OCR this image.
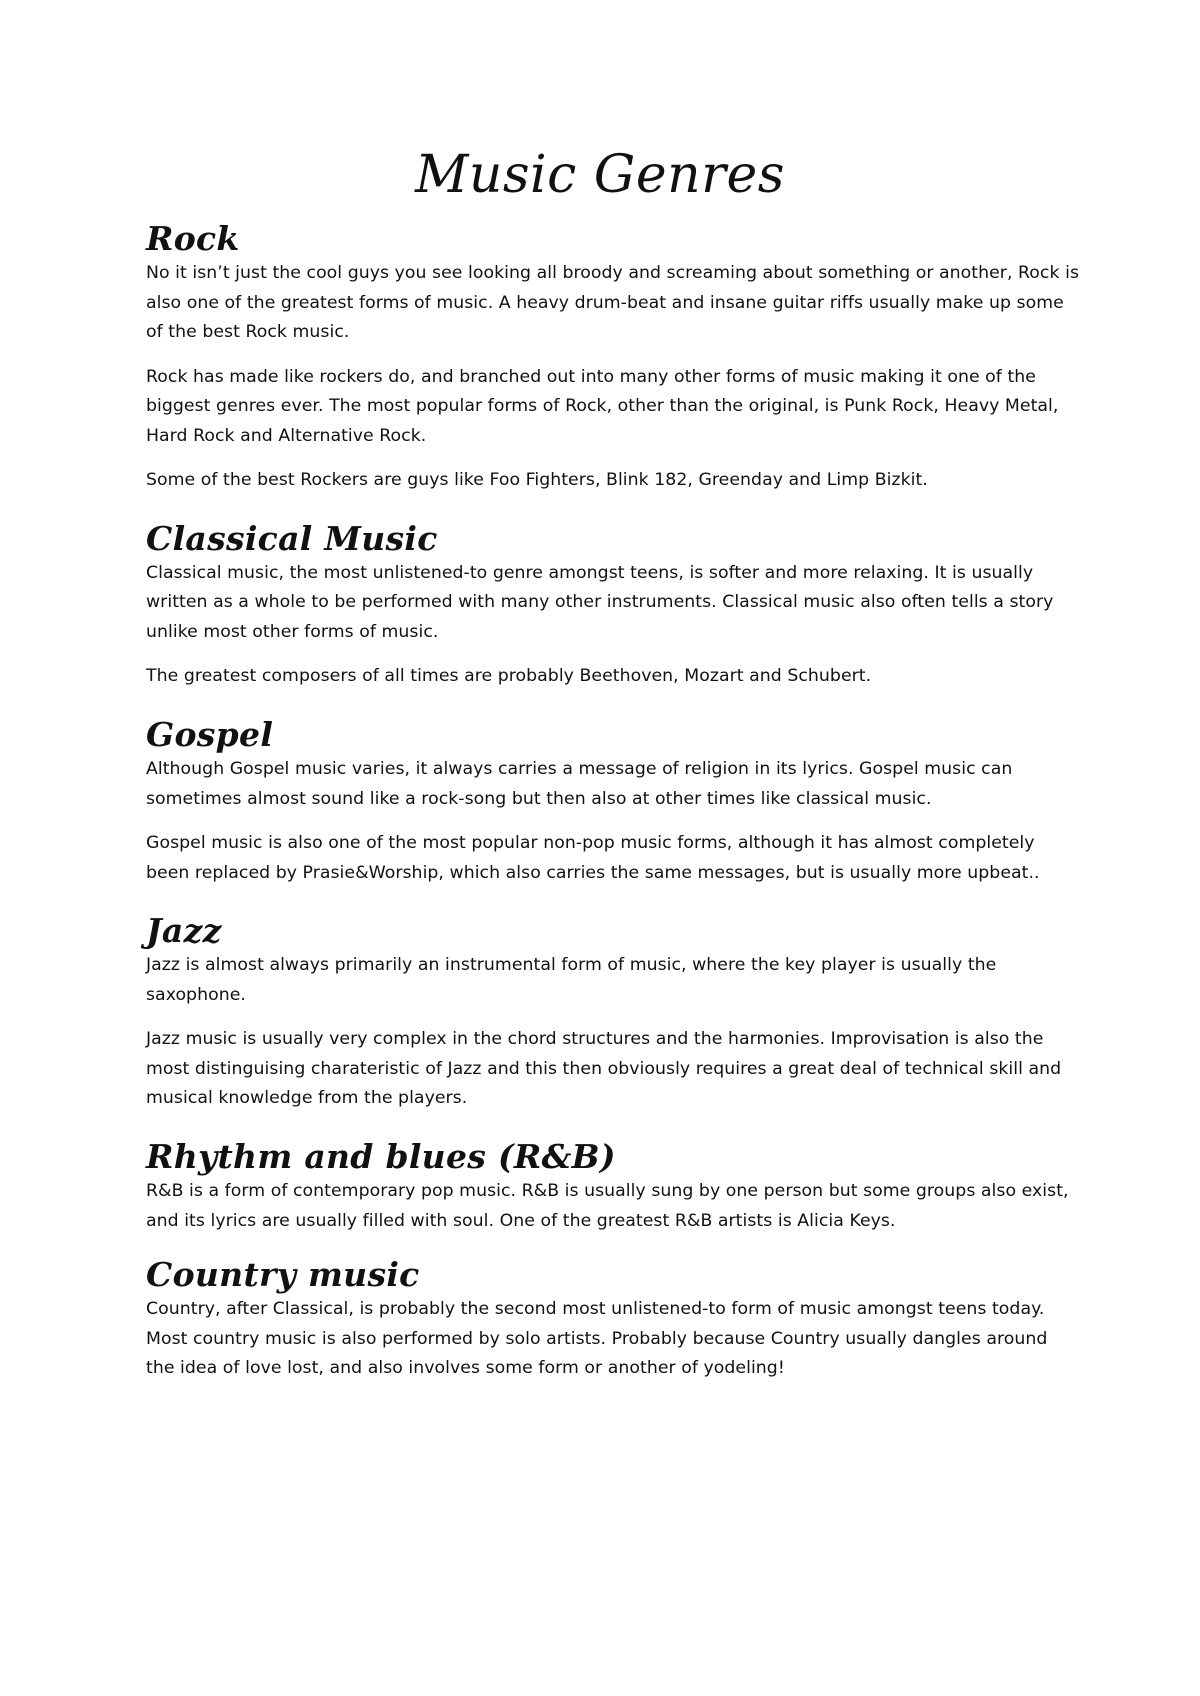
Music Genres
Rock

No it isn’t just the cool guys you see looking all broody and screaming about something or another, Rock is also one of the greatest forms of music. A heavy drum-beat and insane guitar riffs usually make up some of the best Rock music.

Rock has made like rockers do, and branched out into many other forms of music making it one of the biggest genres ever. The most popular forms of Rock, other than the original, is Punk Rock, Heavy Metal, Hard Rock and Alternative Rock.

Some of the best Rockers are guys like Foo Fighters, Blink 182, Greenday and Limp Bizkit.

Classical Music

Classical music, the most unlistened-to genre amongst teens, is softer and more relaxing. It is usually written as a whole to be performed with many other instruments. Classical music also often tells a story unlike most other forms of music.

The greatest composers of all times are probably Beethoven, Mozart and Schubert.

Gospel

Although Gospel music varies, it always carries a message of religion in its lyrics. Gospel music can sometimes almost sound like a rock-song but then also at other times like classical music.

Gospel music is also one of the most popular non-pop music forms, although it has almost completely been replaced by Prasie&Worship, which also carries the same messages, but is usually more upbeat..

Jazz

Jazz is almost always primarily an instrumental form of music, where the key player is usually the saxophone.

Jazz music is usually very complex in the chord structures and the harmonies. Improvisation is also the most distinguising charateristic of Jazz and this then obviously requires a great deal of technical skill and musical knowledge from the players.

Rhythm and blues (R&B)

R&B is a form of contemporary pop music. R&B is usually sung by one person but some groups also exist, and its lyrics are usually filled with soul. One of the greatest R&B artists is Alicia Keys.

Country music

Country, after Classical, is probably the second most unlistened-to form of music amongst teens today. Most country music is also performed by solo artists. Probably because Country usually dangles around the idea of love lost, and also involves some form or another of yodeling!
